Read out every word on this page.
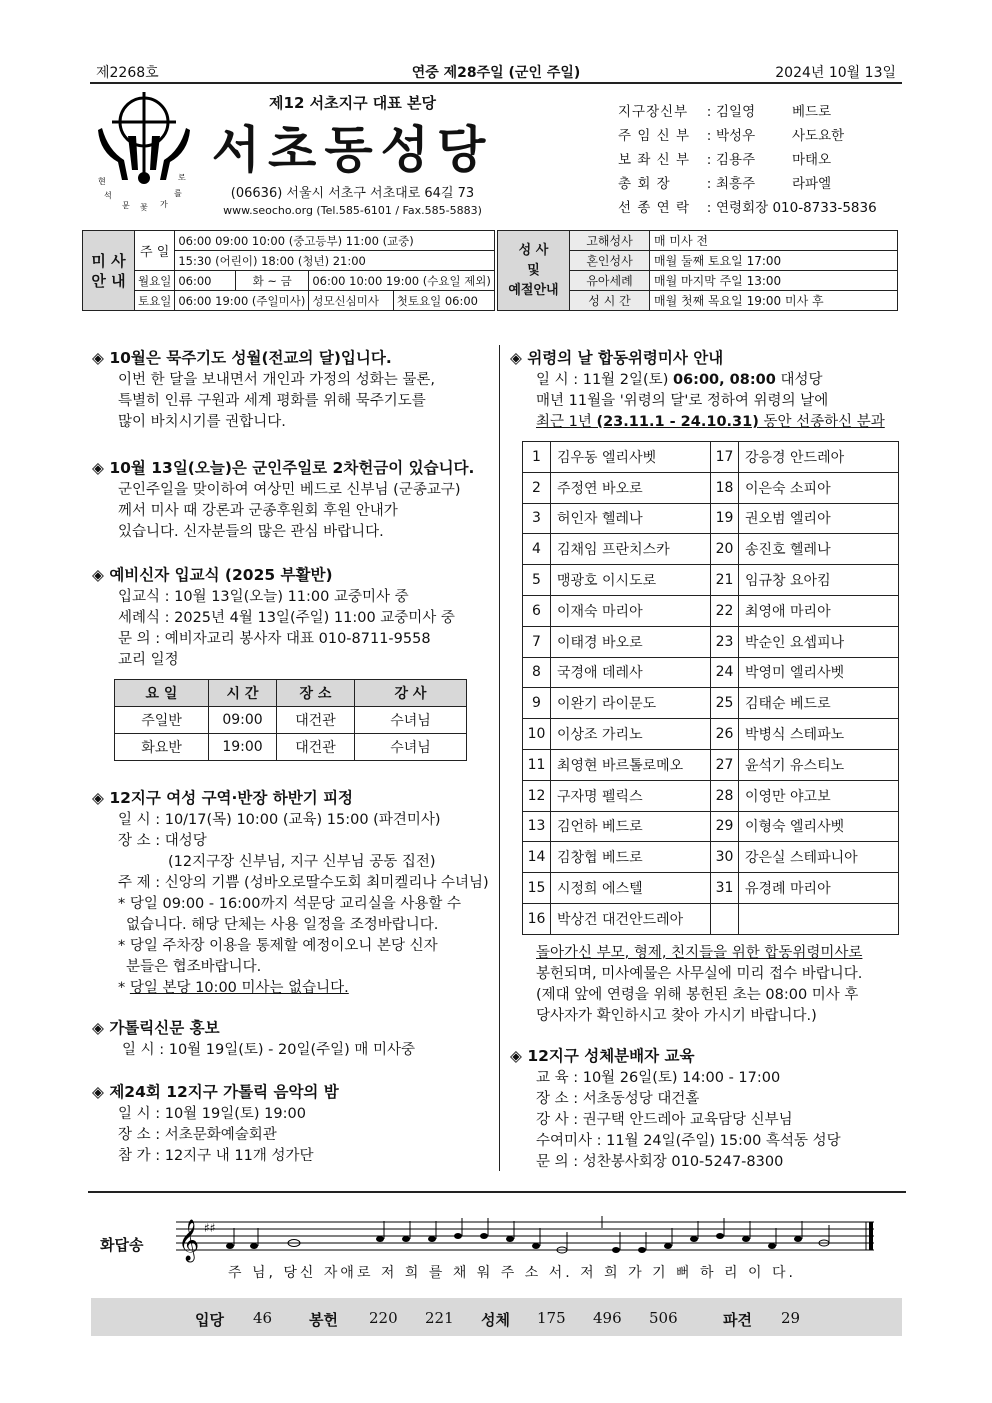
제2268호	연중 제28주일 (군인 주일)	2024년 10월 13일
현	로
석	를
문	가
꽃
제12 서초지구 대표 본당
서초동성당
(06636) 서울시 서초구 서초대로 64길 73
www.seocho.org (Tel.585-6101 / Fax.585-5883)
지구장신부	: 김일영	베드로
주 임 신 부	: 박성우	사도요한
보 좌 신 부	: 김용주	마태오
총 회 장	: 최흥주	라파엘
선 종 연 락	: 연령회장 010-8733-5836
미 사
안 내	주 일	06:00 09:00 10:00 (중고등부) 11:00 (교중)			
		15:30 (어린이) 18:00 (청년) 21:00			
	월요일	06:00	화 ~ 금	06:00 10:00 19:00 (수요일 제외)	
	토요일	06:00 19:00 (주일미사)		성모신심미사	첫토요일 06:00
성 사
및
예절안내	고해성사	매 미사 전
	혼인성사	매월 둘째 토요일 17:00
	유아세례	매월 마지막 주일 13:00
	성 시 간	매월 첫째 목요일 19:00 미사 후
◈ 10월은 묵주기도 성월(전교의 달)입니다.
이번 한 달을 보내면서 개인과 가정의 성화는 물론,
특별히 인류 구원과 세계 평화를 위해 묵주기도를
많이 바치시기를 권합니다.
◈ 10월 13일(오늘)은 군인주일로 2차헌금이 있습니다.
군인주일을 맞이하여 여상민 베드로 신부님 (군종교구)
께서 미사 때 강론과 군종후원회 후원 안내가
있습니다. 신자분들의 많은 관심 바랍니다.
◈ 예비신자 입교식 (2025 부활반)
입교식 : 10월 13일(오늘) 11:00 교중미사 중
세례식 : 2025년 4월 13일(주일) 11:00 교중미사 중
문 의 : 예비자교리 봉사자 대표 010-8711-9558
교리 일정
요 일	시 간	장 소	강 사
주일반	09:00	대건관	수녀님
화요반	19:00	대건관	수녀님
◈ 12지구 여성 구역·반장 하반기 피정
일 시 : 10/17(목) 10:00 (교육) 15:00 (파견미사)
장 소 : 대성당
(12지구장 신부님, 지구 신부님 공동 집전)
주 제 : 신앙의 기쁨 (성바오로딸수도회 최미켈리나 수녀님)
* 당일 09:00 - 16:00까지 석문당 교리실을 사용할 수
없습니다. 해당 단체는 사용 일정을 조정바랍니다.
* 당일 주차장 이용을 통제할 예정이오니 본당 신자
분들은 협조바랍니다.
* 당일 본당 10:00 미사는 없습니다.
◈ 가톨릭신문 홍보
일 시 : 10월 19일(토) - 20일(주일) 매 미사중
◈ 제24회 12지구 가톨릭 음악의 밤
일 시 : 10월 19일(토) 19:00
장 소 : 서초문화예술회관
참 가 : 12지구 내 11개 성가단
◈ 위령의 날 합동위령미사 안내
일 시 : 11월 2일(토) 06:00, 08:00 대성당
매년 11월을 '위령의 달'로 정하여 위령의 날에
최근 1년 (23.11.1 - 24.10.31) 동안 선종하신 분과
1	김우동 엘리사벳	17	강응경 안드레아
2	주정연 바오로	18	이은숙 소피아
3	허인자 헬레나	19	권오범 엘리아
4	김채임 프란치스카	20	송진호 헬레나
5	맹광호 이시도로	21	임규창 요아킴
6	이재숙 마리아	22	최영애 마리아
7	이태경 바오로	23	박순인 요셉피나
8	국경애 데레사	24	박영미 엘리사벳
9	이완기 라이문도	25	김태순 베드로
10	이상조 가리노	26	박병식 스테파노
11	최영현 바르톨로메오	27	윤석기 유스티노
12	구자명 펠릭스	28	이영만 야고보
13	김언하 베드로	29	이형숙 엘리사벳
14	김창협 베드로	30	강은실 스테파니아
15	시정희 에스텔	31	유경례 마리아
16	박상건 대건안드레아		
돌아가신 부모, 형제, 친지들을 위한 합동위령미사로
봉헌되며, 미사예물은 사무실에 미리 접수 바랍니다.
(제대 앞에 연령을 위해 봉헌된 초는 08:00 미사 후
당사자가 확인하시고 찾아 가시기 바랍니다.)
◈ 12지구 성체분배자 교육
교 육 : 10월 26일(토) 14:00 - 17:00
장 소 : 서초동성당 대건홀
강 사 : 권구택 안드레아 교육담당 신부님
수여미사 : 11월 24일(주일) 15:00 흑석동 성당
문 의 : 성찬봉사회장 010-5247-8300
화답송 𝄞 ♯♯
주 님, 당신 자애로 저 희 를 채 워 주 소 서. 저 희 가 기 뻐 하 리 이 다.
입당 46 봉헌 220 221 성체 175 496 506	파견 29
